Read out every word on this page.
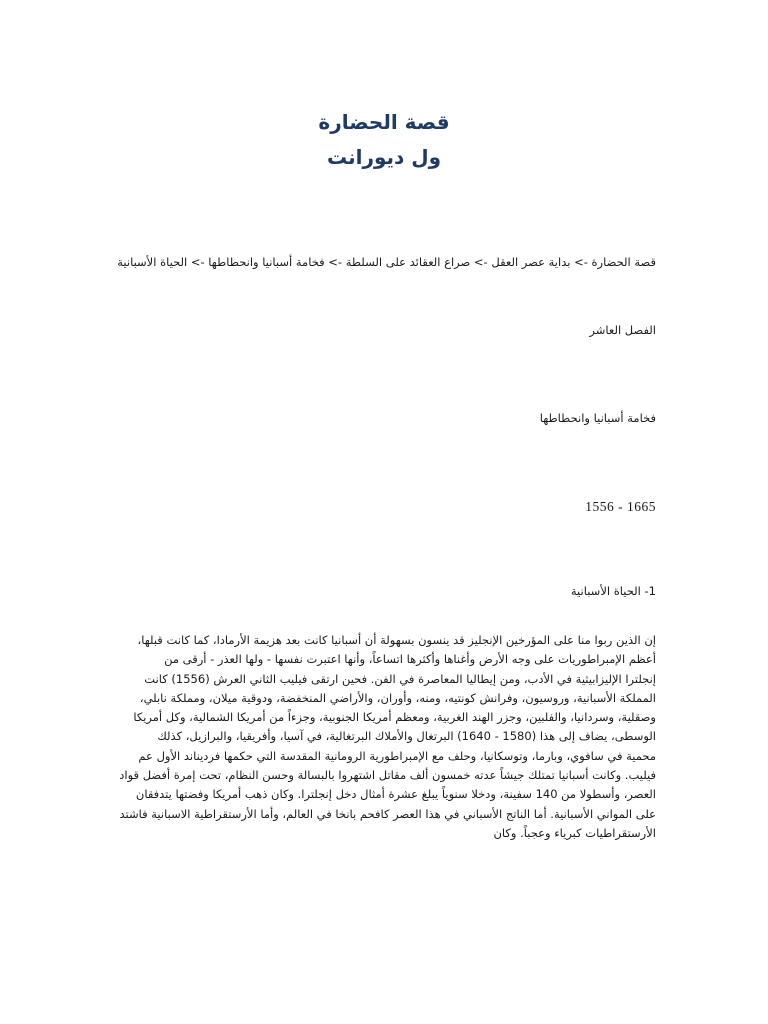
قصة الحضارة
ول ديورانت
قصة الحضارة -> بداية عصر العقل -> صراع العقائد على السلطة -> فخامة أسبانيا وانحطاطها -> الحياة الأسبانية
الفصل العاشر
فخامة أسبانيا وانحطاطها
1556 - 1665
1- الحياة الأسبانية
إن الذين ربوا منا على المؤرخين الإنجليز قد ينسون بسهولة أن أسبانيا كانت بعد هزيمة الأرمادا، كما كانت قبلها،
أعظم الإمبراطوريات على وجه الأرض وأغناها وأكثرها اتساعاً، وأنها اعتبرت نفسها - ولها العذر - أرقى من
إنجلترا الإليزابيثية في الأدب، ومن إيطاليا المعاصرة في الفن. فحين ارتقى فيليب الثاني العرش (1556) كانت
المملكة الأسبانية، وروسيون، وفرانش كونتيه، ومنه، وأوران، والأراضي المنخفضة، ودوقية ميلان، ومملكة نابلي،
وصقلية، وسردانيا، والفلبين، وجزر الهند الغربية، ومعظم أمريكا الجنوبية، وجزءاً من أمريكا الشمالية، وكل أمريكا
الوسطى، يضاف إلى هذا (1580 - 1640) البرتغال والأملاك البرتغالية، في آسيا، وأفريقيا، والبرازيل، كذلك
محمية في سافوي، وبارما، وتوسكانيا، وحلف مع الإمبراطورية الرومانية المقدسة التي حكمها فرديناند الأول عم
فيليب. وكانت أسبانيا تمتلك جيشاً عدته خمسون ألف مقاتل اشتهروا بالبسالة وحسن النظام، تحت إمرة أفضل قواد
العصر، وأسطولا من 140 سفينة، ودخلا سنوياً يبلغ عشرة أمثال دخل إنجلترا. وكان ذهب أمريكا وفضتها يتدفقان
على المواني الأسبانية. أما الناتج الأسباني في هذا العصر كافحم بانخا في العالم، وأما الأرستقراطية الاسبانية فاشتد
الأرستقراطيات كبرياء وعجباً. وكان
